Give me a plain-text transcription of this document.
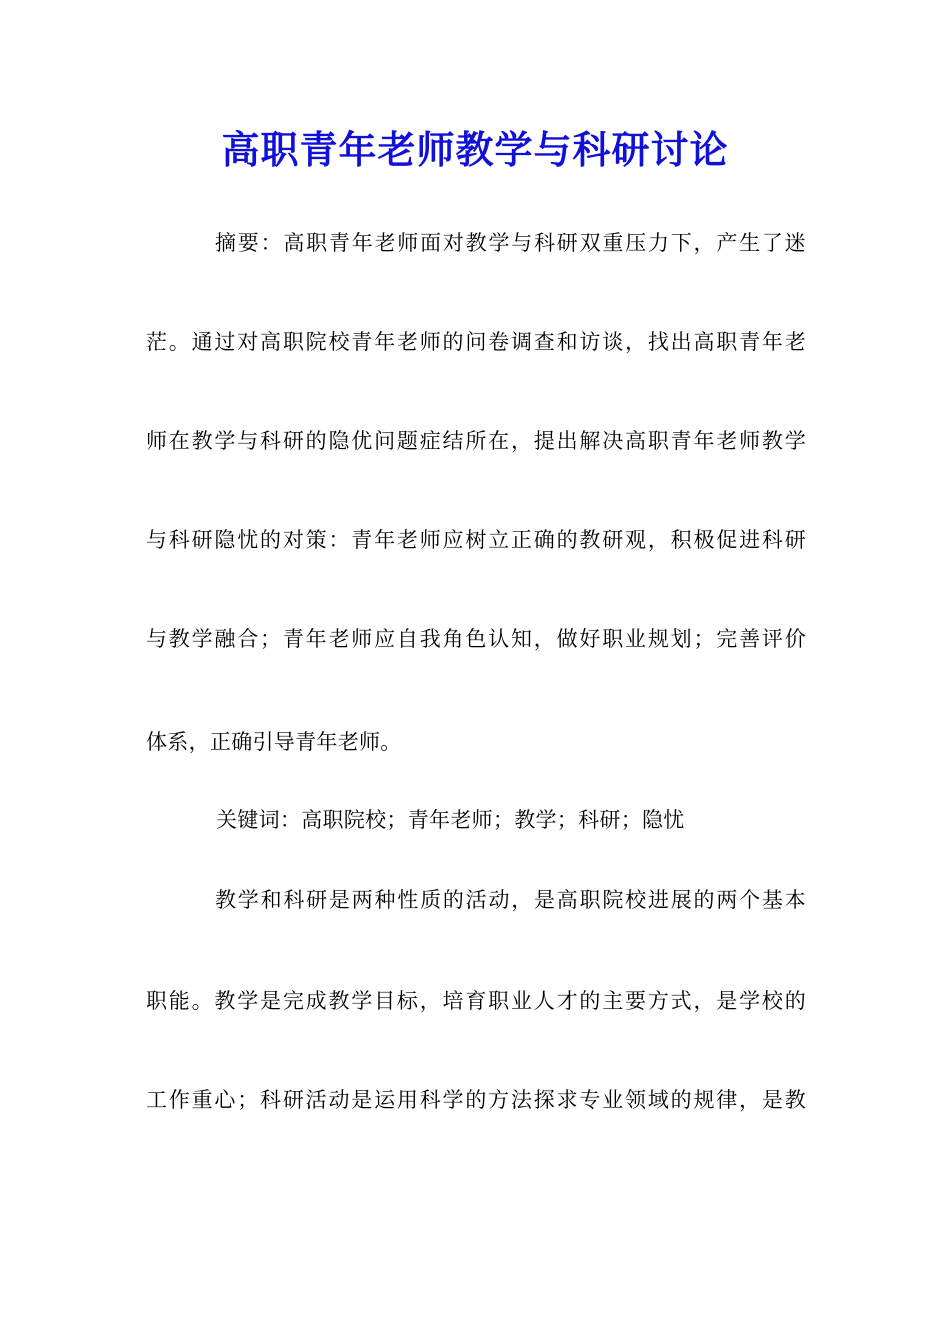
高职青年老师教学与科研讨论

摘要：高职青年老师面对教学与科研双重压力下，产生了迷

茫。通过对高职院校青年老师的问卷调查和访谈，找出高职青年老

师在教学与科研的隐优问题症结所在，提出解决高职青年老师教学

与科研隐忧的对策：青年老师应树立正确的教研观，积极促进科研

与教学融合；青年老师应自我角色认知，做好职业规划；完善评价

体系，正确引导青年老师。

关键词：高职院校；青年老师；教学；科研；隐忧

教学和科研是两种性质的活动，是高职院校进展的两个基本

职能。教学是完成教学目标，培育职业人才的主要方式，是学校的

工作重心；科研活动是运用科学的方法探求专业领域的规律，是教
